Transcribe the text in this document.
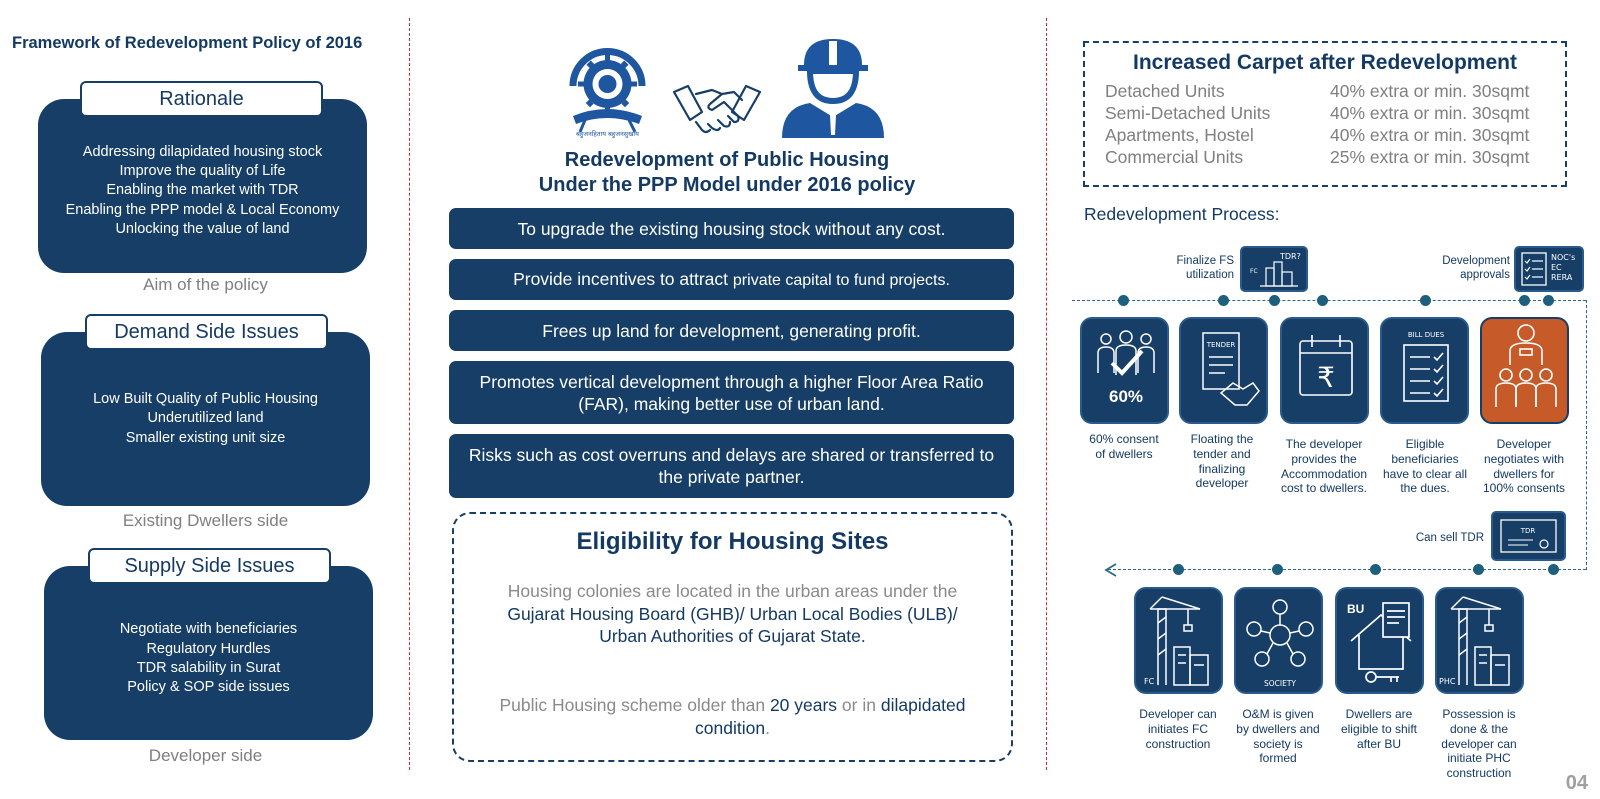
Framework of Redevelopment Policy of 2016
Addressing dilapidated housing stock
Improve the quality of Life
Enabling the market with TDR
Enabling the PPP model & Local Economy
Unlocking the value of land
Rationale
Aim of the policy
Low Built Quality of Public Housing
Underutilized land
Smaller existing unit size
Demand Side Issues
Existing Dwellers side
Negotiate with beneficiaries
Regulatory Hurdles
TDR salability in Surat
Policy & SOP side issues
Supply Side Issues
Developer side
बहुजनहिताय बहुजनसुखाय
Redevelopment of Public Housing
Under the PPP Model under 2016 policy
To upgrade the existing housing stock without any cost.
Provide incentives to attract private capital to fund projects.
Frees up land for development, generating profit.
Promotes vertical development through a higher Floor Area Ratio (FAR), making better use of urban land.
Risks such as cost overruns and delays are shared or transferred to the private partner.
Eligibility for Housing Sites
Housing colonies are located in the urban areas under the Gujarat Housing Board (GHB)/ Urban Local Bodies (ULB)/ Urban Authorities of Gujarat State.
Public Housing scheme older than 20 years or in dilapidated condition.
Increased Carpet after Redevelopment
Detached Units	40% extra or min. 30sqmt
Semi-Detached Units	40% extra or min. 30sqmt
Apartments, Hostel	40% extra or min. 30sqmt
Commercial Units	25% extra or min. 30sqmt
Redevelopment Process:
Finalize FS
utilization
TDR?
FC
Development
approvals
NOC's
EC
RERA
60%
60% consent
of dwellers
TENDER
Floating the
tender and
finalizing
developer
₹
The developer
provides the
Accommodation
cost to dwellers.
BILL DUES
Eligible
beneficiaries
have to clear all
the dues.
Developer
negotiates with
dwellers for
100% consents
Can sell TDR
TDR
FC
Developer can
initiates FC
construction
SOCIETY
O&M is given
by dwellers and
society is
formed
BU
Dwellers are
eligible to shift
after BU
PHC
Possession is
done & the
developer can
initiate PHC
construction	04
